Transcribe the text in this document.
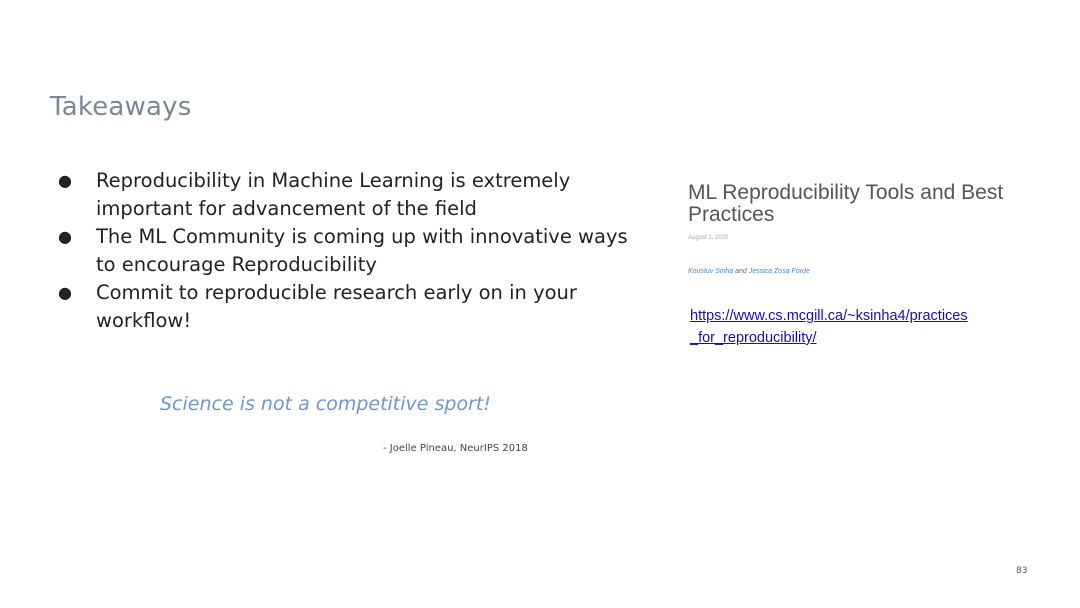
Takeaways
● Reproducibility in Machine Learning is extremely important for advancement of the field
● The ML Community is coming up with innovative ways to encourage Reproducibility
● Commit to reproducible research early on in your workflow!
Science is not a competitive sport!
- Joelle Pineau, NeurIPS 2018
ML Reproducibility Tools and Best Practices
August 1, 2020
Koustuv Sinha and Jessica Zosa Forde
https://www.cs.mcgill.ca/~ksinha4/practices
_for_reproducibility/
83
